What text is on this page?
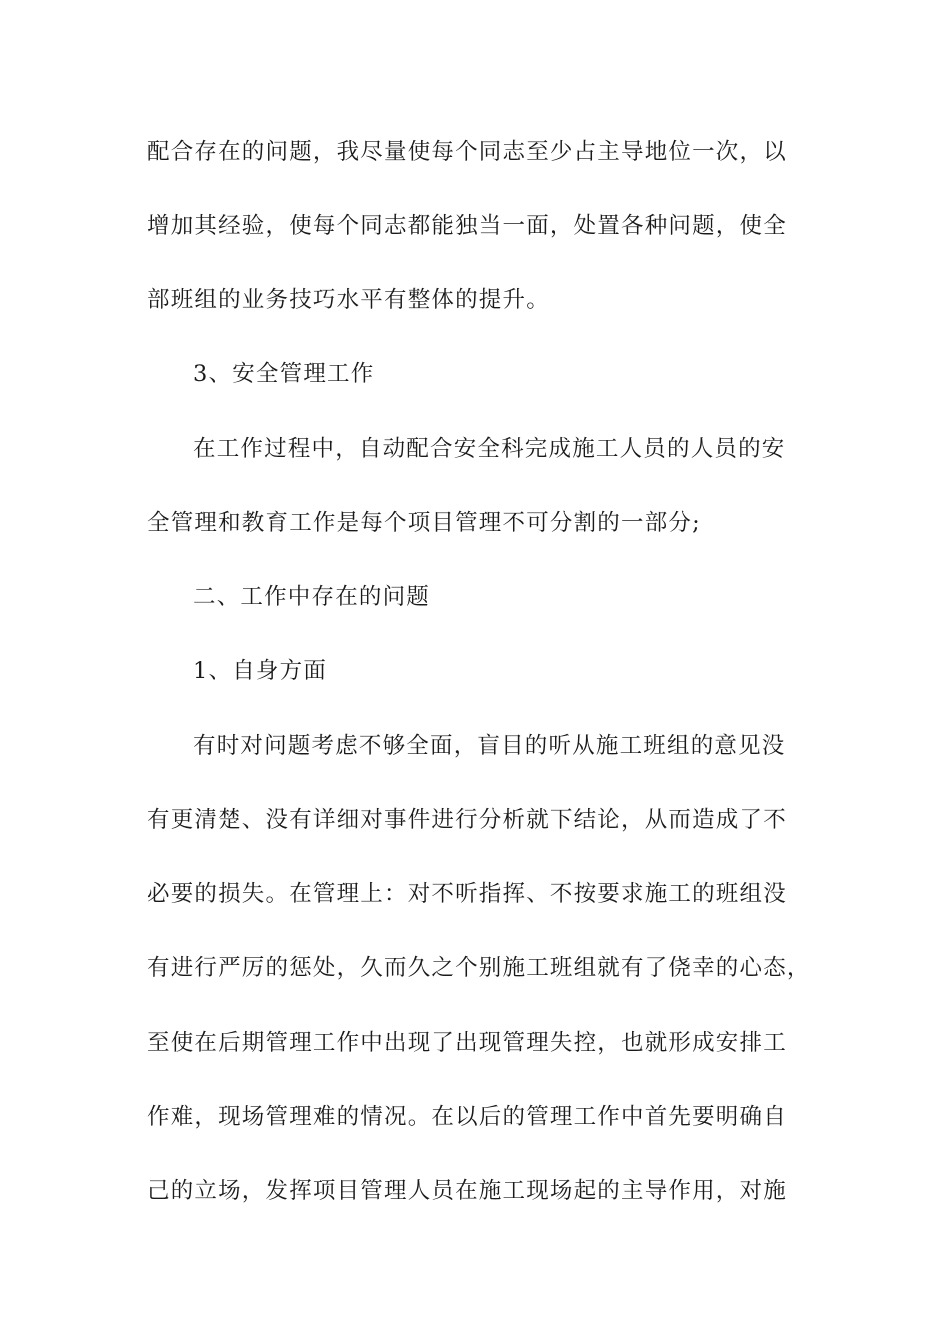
配合存在的问题，我尽量使每个同志至少占主导地位一次，以
增加其经验，使每个同志都能独当一面，处置各种问题，使全
部班组的业务技巧水平有整体的提升。
3、安全管理工作
在工作过程中，自动配合安全科完成施工人员的人员的安
全管理和教育工作是每个项目管理不可分割的一部分;
二、工作中存在的问题
1、自身方面
有时对问题考虑不够全面，盲目的听从施工班组的意见没
有更清楚、没有详细对事件进行分析就下结论，从而造成了不
必要的损失。在管理上：对不听指挥、不按要求施工的班组没
有进行严厉的惩处，久而久之个别施工班组就有了侥幸的心态，
至使在后期管理工作中出现了出现管理失控，也就形成安排工
作难，现场管理难的情况。在以后的管理工作中首先要明确自
己的立场，发挥项目管理人员在施工现场起的主导作用，对施
